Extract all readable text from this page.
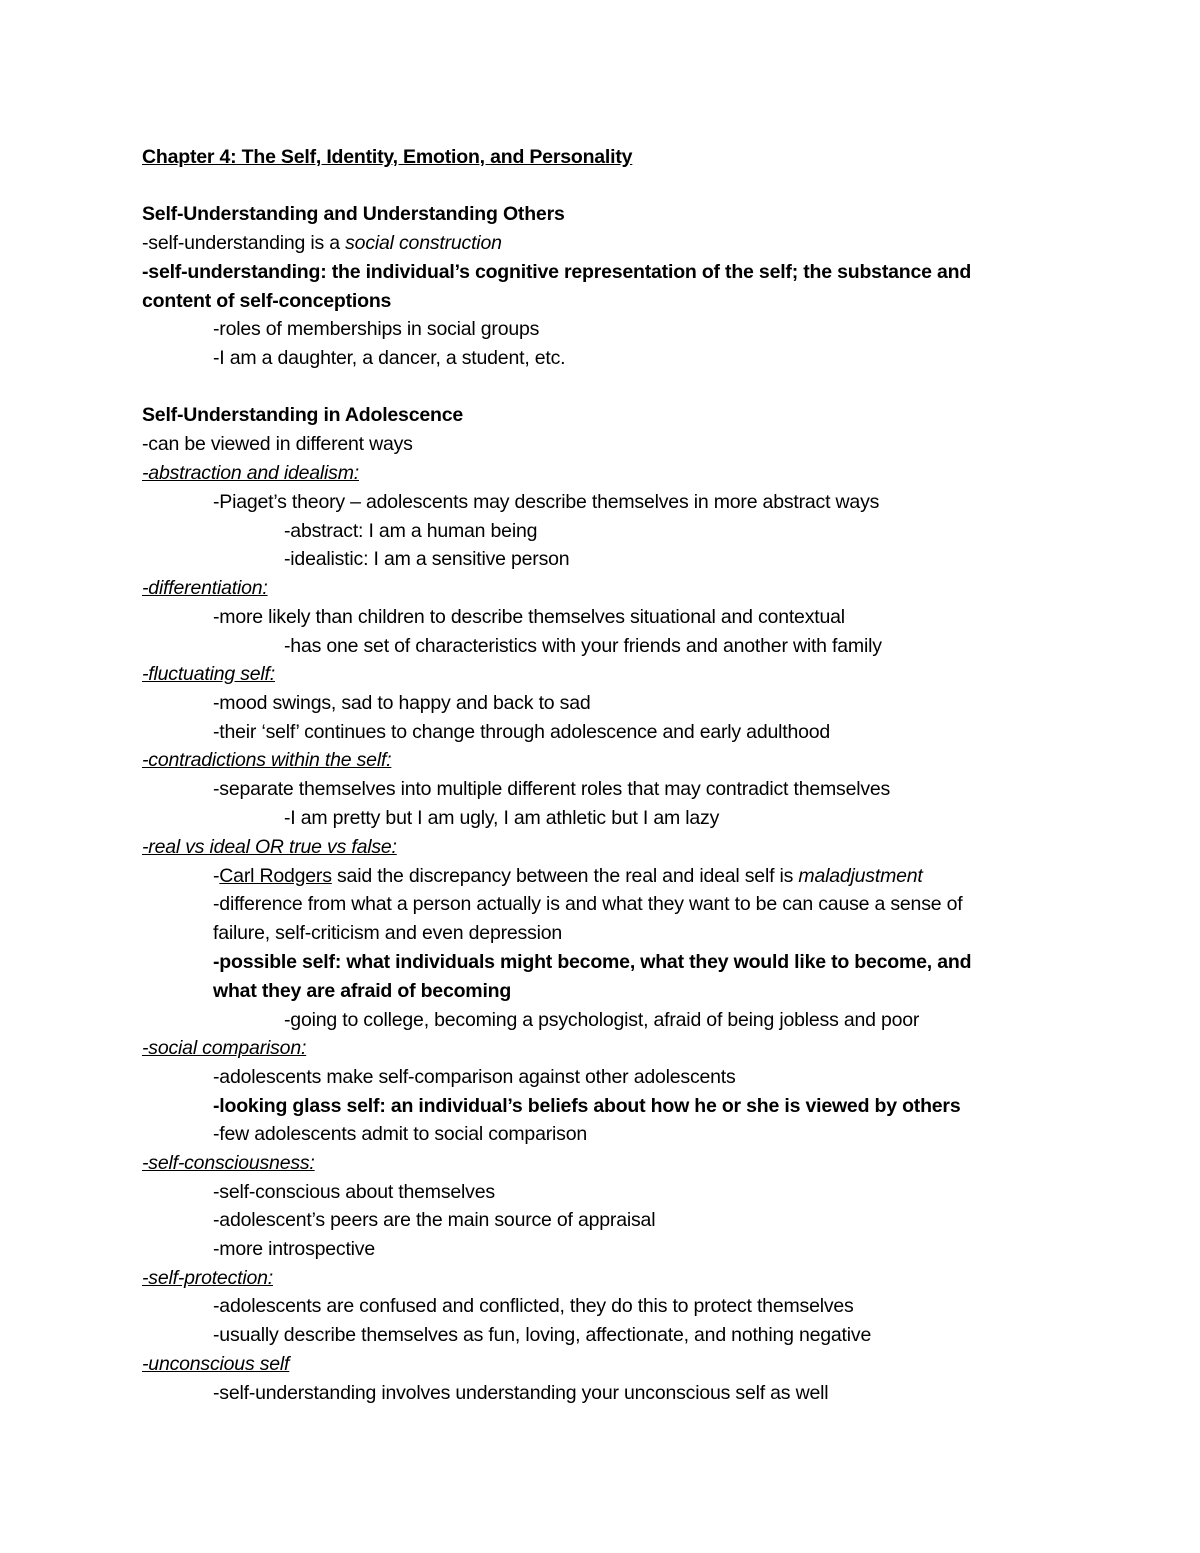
Chapter 4: The Self, Identity, Emotion, and Personality
Self-Understanding and Understanding Others
-self-understanding is a social construction
-self-understanding: the individual’s cognitive representation of the self; the substance and
content of self-conceptions
-roles of memberships in social groups
-I am a daughter, a dancer, a student, etc.
Self-Understanding in Adolescence
-can be viewed in different ways
-abstraction and idealism:
-Piaget’s theory – adolescents may describe themselves in more abstract ways
-abstract: I am a human being
-idealistic: I am a sensitive person
-differentiation:
-more likely than children to describe themselves situational and contextual
-has one set of characteristics with your friends and another with family
-fluctuating self:
-mood swings, sad to happy and back to sad
-their ‘self’ continues to change through adolescence and early adulthood
-contradictions within the self:
-separate themselves into multiple different roles that may contradict themselves
-I am pretty but I am ugly, I am athletic but I am lazy
-real vs ideal OR true vs false:
-Carl Rodgers said the discrepancy between the real and ideal self is maladjustment
-difference from what a person actually is and what they want to be can cause a sense of
failure, self-criticism and even depression
-possible self: what individuals might become, what they would like to become, and
what they are afraid of becoming
-going to college, becoming a psychologist, afraid of being jobless and poor
-social comparison:
-adolescents make self-comparison against other adolescents
-looking glass self: an individual’s beliefs about how he or she is viewed by others
-few adolescents admit to social comparison
-self-consciousness:
-self-conscious about themselves
-adolescent’s peers are the main source of appraisal
-more introspective
-self-protection:
-adolescents are confused and conflicted, they do this to protect themselves
-usually describe themselves as fun, loving, affectionate, and nothing negative
-unconscious self
-self-understanding involves understanding your unconscious self as well
